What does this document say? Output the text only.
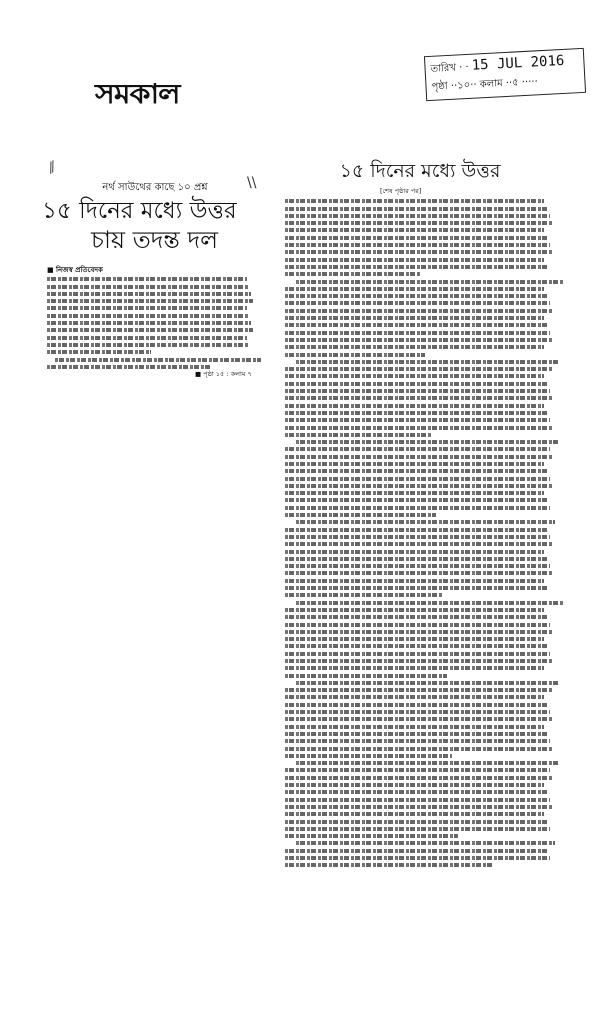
সমকাল
তারিখ · · 15 JUL 2016
পৃষ্ঠা ··১০·· কলাম ··৫ ·····
⁄⁄
\\
নর্থ সাউথের কাছে ১০ প্রশ্ন
১৫ দিনের মধ্যে উত্তর
চায় তদন্ত দল
■ নিজস্ব প্রতিবেদক
■ পৃষ্ঠা ১৫ : কলাম ৭
১৫ দিনের মধ্যে উত্তর
[শেষ পৃষ্ঠার পর]
